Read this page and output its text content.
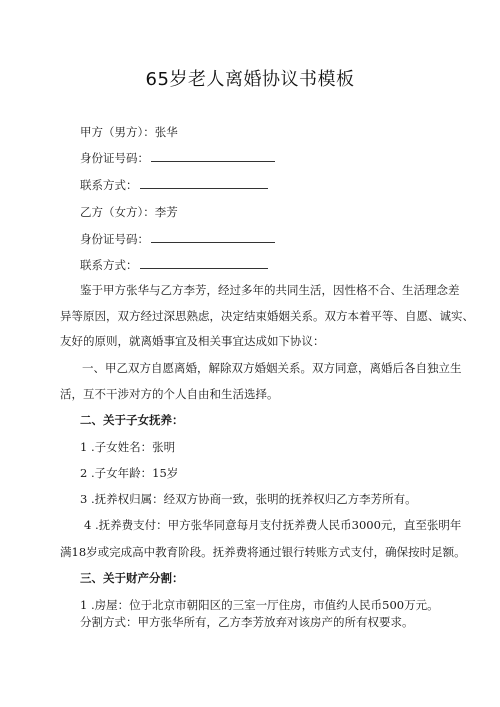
65岁老人离婚协议书模板
甲方（男方）：张华
身份证号码：
联系方式：
乙方（女方）：李芳
身份证号码：
联系方式：
鉴于甲方张华与乙方李芳，经过多年的共同生活，因性格不合、生活理念差
异等原因，双方经过深思熟虑，决定结束婚姻关系。双方本着平等、自愿、诚实、
友好的原则，就离婚事宜及相关事宜达成如下协议：
一、甲乙双方自愿离婚，解除双方婚姻关系。双方同意，离婚后各自独立生
活，互不干涉对方的个人自由和生活选择。
二、关于子女抚养：
1 .子女姓名：张明
2 .子女年龄：15岁
3 .抚养权归属：经双方协商一致，张明的抚养权归乙方李芳所有。
4 .抚养费支付：甲方张华同意每月支付抚养费人民币3000元，直至张明年
满18岁或完成高中教育阶段。抚养费将通过银行转账方式支付，确保按时足额。
三、关于财产分割：
1 .房屋：位于北京市朝阳区的三室一厅住房，市值约人民币500万元。
分割方式：甲方张华所有，乙方李芳放弃对该房产的所有权要求。
